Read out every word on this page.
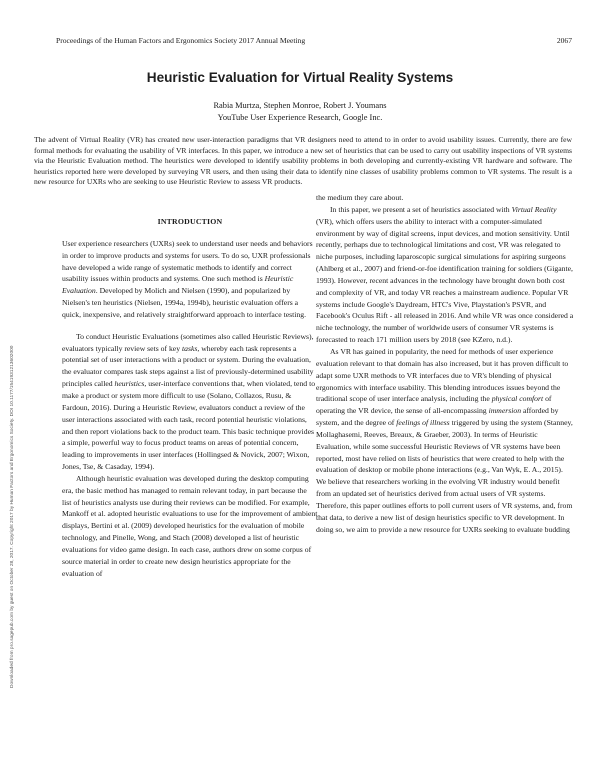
Proceedings of the Human Factors and Ergonomics Society 2017 Annual Meeting	2067
Heuristic Evaluation for Virtual Reality Systems
Rabia Murtza, Stephen Monroe, Robert J. Youmans
YouTube User Experience Research, Google Inc.
The advent of Virtual Reality (VR) has created new user-interaction paradigms that VR designers need to attend to in order to avoid usability issues. Currently, there are few formal methods for evaluating the usability of VR interfaces. In this paper, we introduce a new set of heuristics that can be used to carry out usability inspections of VR systems via the Heuristic Evaluation method. The heuristics were developed to identify usability problems in both developing and currently-existing VR hardware and software. The heuristics reported here were developed by surveying VR users, and then using their data to identify nine classes of usability problems common to VR systems. The result is a new resource for UXRs who are seeking to use Heuristic Review to assess VR products.
INTRODUCTION

User experience researchers (UXRs) seek to understand user needs and behaviors in order to improve products and systems for users. To do so, UXR professionals have developed a wide range of systematic methods to identify and correct usability issues within products and systems. One such method is Heuristic Evaluation. Developed by Molich and Nielsen (1990), and popularized by Nielsen's ten heuristics (Nielsen, 1994a, 1994b), heuristic evaluation offers a quick, inexpensive, and relatively straightforward approach to interface testing.

To conduct Heuristic Evaluations (sometimes also called Heuristic Reviews), evaluators typically review sets of key tasks, whereby each task represents a potential set of user interactions with a product or system. During the evaluation, the evaluator compares task steps against a list of previously-determined usability principles called heuristics, user-interface conventions that, when violated, tend to make a product or system more difficult to use (Solano, Collazos, Rusu, & Fardoun, 2016). During a Heuristic Review, evaluators conduct a review of the user interactions associated with each task, record potential heuristic violations, and then report violations back to the product team. This basic technique provides a simple, powerful way to focus product teams on areas of potential concern, leading to improvements in user interfaces (Hollingsed & Novick, 2007; Wixon, Jones, Tse, & Casaday, 1994).

Although heuristic evaluation was developed during the desktop computing era, the basic method has managed to remain relevant today, in part because the list of heuristics analysts use during their reviews can be modified. For example, Mankoff et al. adopted heuristic evaluations to use for the improvement of ambient displays, Bertini et al. (2009) developed heuristics for the evaluation of mobile technology, and Pinelle, Wong, and Stach (2008) developed a list of heuristic evaluations for video game design. In each case, authors drew on some corpus of source material in order to create new design heuristics appropriate for the evaluation of

the medium they care about.

In this paper, we present a set of heuristics associated with Virtual Reality (VR), which offers users the ability to interact with a computer-simulated environment by way of digital screens, input devices, and motion sensitivity. Until recently, perhaps due to technological limitations and cost, VR was relegated to niche purposes, including laparoscopic surgical simulations for aspiring surgeons (Ahlberg et al., 2007) and friend-or-foe identification training for soldiers (Gigante, 1993). However, recent advances in the technology have brought down both cost and complexity of VR, and today VR reaches a mainstream audience. Popular VR systems include Google's Daydream, HTC's Vive, Playstation's PSVR, and Facebook's Oculus Rift - all released in 2016. And while VR was once considered a niche technology, the number of worldwide users of consumer VR systems is forecasted to reach 171 million users by 2018 (see KZero, n.d.).

As VR has gained in popularity, the need for methods of user experience evaluation relevant to that domain has also increased, but it has proven difficult to adapt some UXR methods to VR interfaces due to VR's blending of physical ergonomics with interface usability. This blending introduces issues beyond the traditional scope of user interface analysis, including the physical comfort of operating the VR device, the sense of all-encompassing immersion afforded by system, and the degree of feelings of illness triggered by using the system (Stanney, Mollaghasemi, Reeves, Breaux, & Graeber, 2003). In terms of Heuristic Evaluation, while some successful Heuristic Reviews of VR systems have been reported, most have relied on lists of heuristics that were created to help with the evaluation of desktop or mobile phone interactions (e.g., Van Wyk, E. A., 2015). We believe that researchers working in the evolving VR industry would benefit from an updated set of heuristics derived from actual users of VR systems. Therefore, this paper outlines efforts to poll current users of VR systems, and, from that data, to derive a new list of design heuristics specific to VR development. In doing so, we aim to provide a new resource for UXRs seeking to evaluate budding

Downloaded from pro.sagepub.com by guest on October 28, 2017. Copyright 2017 by Human Factors and Ergonomics Society. DOI 10.1177/1541931213602000
